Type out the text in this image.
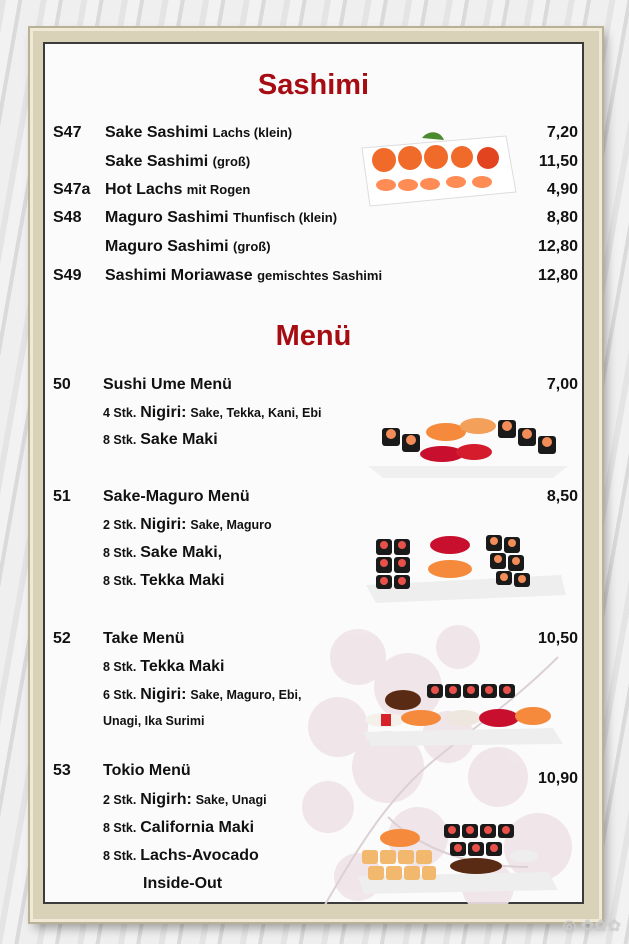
Sashimi
S47 Sake Sashimi Lachs (klein)	7,20
Sake Sashimi (groß)	11,50
S47a Hot Lachs mit Rogen	4,90
S48 Maguro Sashimi Thunfisch (klein)	8,80
Maguro Sashimi (groß)	12,80
S49 Sashimi Moriawase gemischtes Sashimi	12,80
Menü
50 Sushi Ume Menü	7,00
4 Stk. Nigiri: Sake, Tekka, Kani, Ebi
8 Stk. Sake Maki
51 Sake-Maguro Menü	8,50
2 Stk. Nigiri: Sake, Maguro
8 Stk. Sake Maki,
8 Stk. Tekka Maki
52 Take Menü	10,50
8 Stk. Tekka Maki
6 Stk. Nigiri: Sake, Maguro, Ebi,
Unagi, Ika Surimi
53 Tokio Menü	10,90
2 Stk. Nigirh: Sake, Unagi
8 Stk. California Maki
8 Stk. Lachs-Avocado
Inside-Out
◎ ✿✿✿
